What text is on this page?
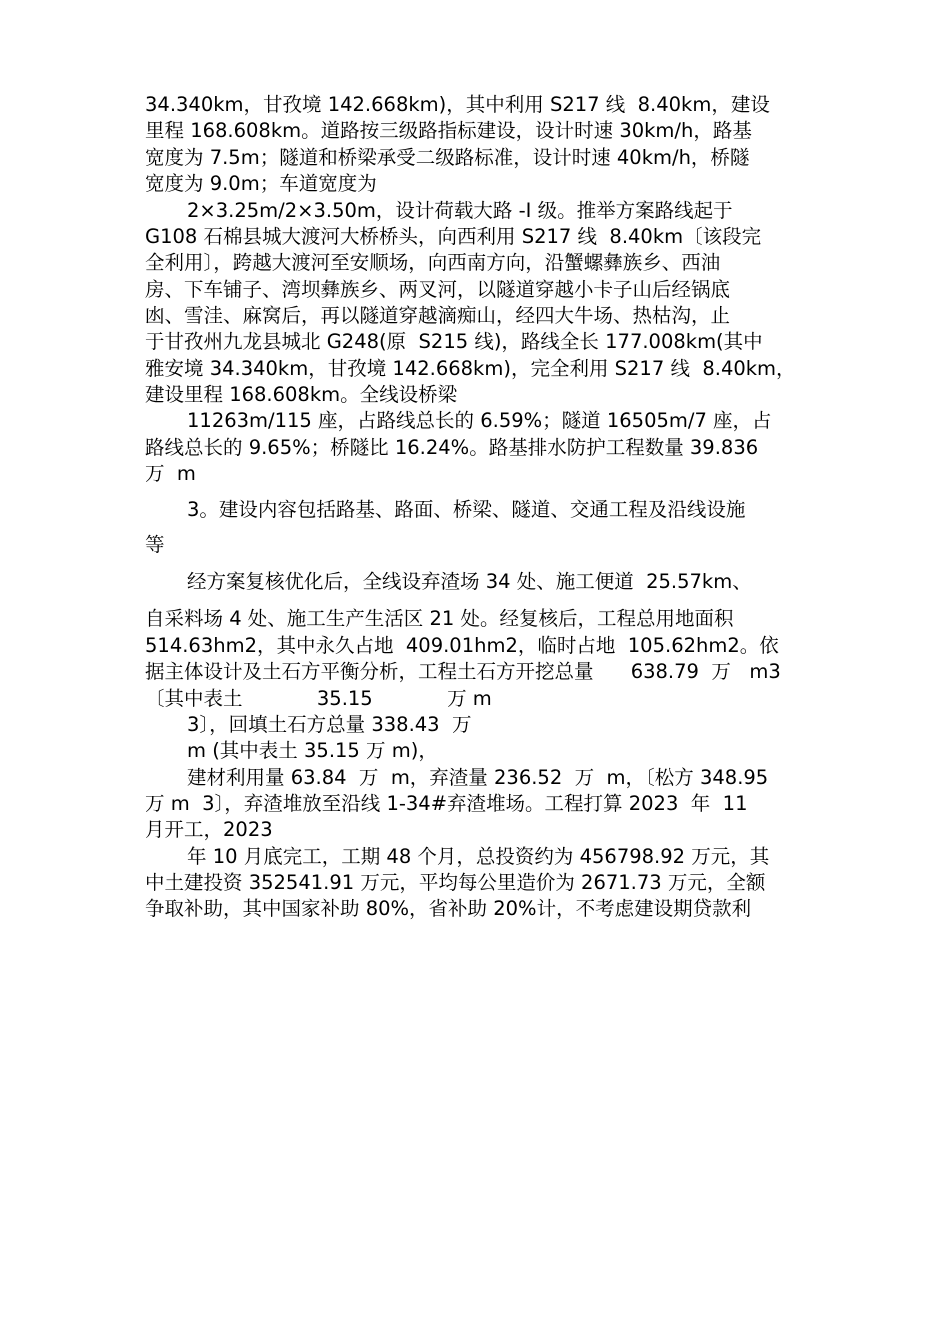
34.340km，甘孜境 142.668km)，其中利用 S217 线  8.40km，建设
里程 168.608km。道路按三级路指标建设，设计时速 30km/h，路基
宽度为 7.5m；隧道和桥梁承受二级路标准，设计时速 40km/h，桥隧
宽度为 9.0m；车道宽度为
2×3.25m/2×3.50m，设计荷载大路 -I 级。推举方案路线起于
G108 石棉县城大渡河大桥桥头，向西利用 S217 线  8.40km〔该段完
全利用〕，跨越大渡河至安顺场，向西南方向，沿蟹螺彝族乡、西油
房、下车铺子、湾坝彝族乡、两叉河，以隧道穿越小卡子山后经锅底
凼、雪洼、麻窝后，再以隧道穿越滴痴山，经四大牛场、热枯沟，止
于甘孜州九龙县城北 G248(原  S215 线)，路线全长 177.008km(其中
雅安境 34.340km，甘孜境 142.668km)，完全利用 S217 线  8.40km，
建设里程 168.608km。全线设桥梁
11263m/115 座，占路线总长的 6.59%；隧道 16505m/7 座，占
路线总长的 9.65%；桥隧比 16.24%。路基排水防护工程数量 39.836
万  m
3。建设内容包括路基、路面、桥梁、隧道、交通工程及沿线设施
等
经方案复核优化后，全线设弃渣场 34 处、施工便道  25.57km、
自采料场 4 处、施工生产生活区 21 处。经复核后，工程总用地面积
514.63hm2，其中永久占地  409.01hm2，临时占地  105.62hm2。依
据主体设计及土石方平衡分析，工程土石方开挖总量      638.79  万   m3
〔其中表土            35.15            万 m
3〕，回填土石方总量 338.43  万
m (其中表土 35.15 万 m)，
建材利用量 63.84  万  m，弃渣量 236.52  万  m，〔松方 348.95
万 m  3〕，弃渣堆放至沿线 1-34#弃渣堆场。工程打算 2023  年  11
月开工，2023
年 10 月底完工，工期 48 个月，总投资约为 456798.92 万元，其
中土建投资 352541.91 万元，平均每公里造价为 2671.73 万元，全额
争取补助，其中国家补助 80%，省补助 20%计，不考虑建设期贷款利
